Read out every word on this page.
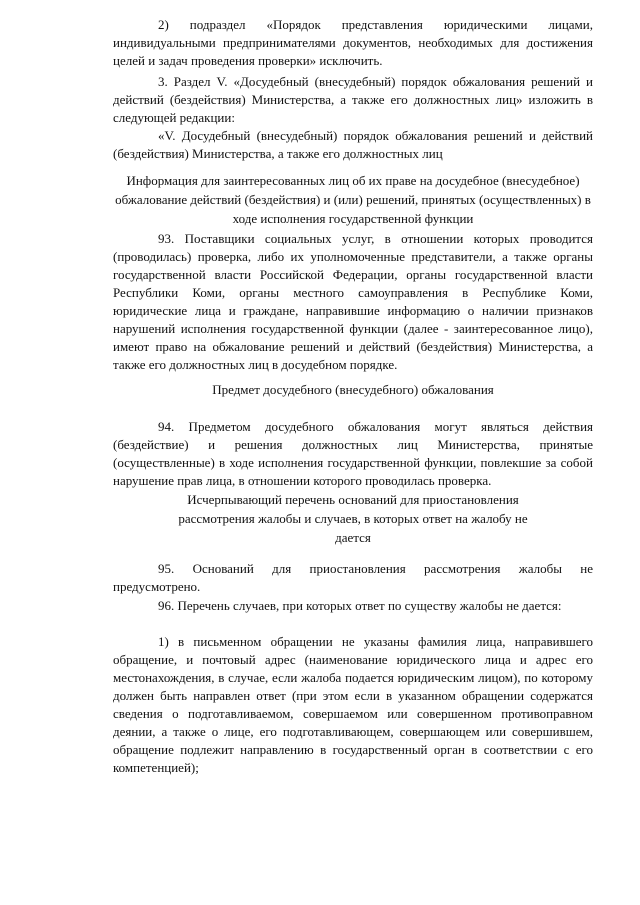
2) подраздел «Порядок представления юридическими лицами, индивидуальными предпринимателями документов, необходимых для достижения целей и задач проведения проверки» исключить.

3. Раздел V. «Досудебный (внесудебный) порядок обжалования решений и действий (бездействия) Министерства, а также его должностных лиц» изложить в следующей редакции:

«V. Досудебный (внесудебный) порядок обжалования решений и действий (бездействия) Министерства, а также его должностных лиц

Информация для заинтересованных лиц об их праве на досудебное (внесудебное) обжалование действий (бездействия) и (или) решений, принятых (осуществленных) в ходе исполнения государственной функции

93. Поставщики социальных услуг, в отношении которых проводится (проводилась) проверка, либо их уполномоченные представители, а также органы государственной власти Российской Федерации, органы государственной власти Республики Коми, органы местного самоуправления в Республике Коми, юридические лица и граждане, направившие информацию о наличии признаков нарушений исполнения государственной функции (далее - заинтересованное лицо), имеют право на обжалование решений и действий (бездействия) Министерства, а также его должностных лиц в досудебном порядке.

Предмет досудебного (внесудебного) обжалования

94. Предметом досудебного обжалования могут являться действия (бездействие) и решения должностных лиц Министерства, принятые (осуществленные) в ходе исполнения государственной функции, повлекшие за собой нарушение прав лица, в отношении которого проводилась проверка.

Исчерпывающий перечень оснований для приостановления рассмотрения жалобы и случаев, в которых ответ на жалобу не дается

95. Оснований для приостановления рассмотрения жалобы не предусмотрено.

96. Перечень случаев, при которых ответ по существу жалобы не дается:

1) в письменном обращении не указаны фамилия лица, направившего обращение, и почтовый адрес (наименование юридического лица и адрес его местонахождения, в случае, если жалоба подается юридическим лицом), по которому должен быть направлен ответ (при этом если в указанном обращении содержатся сведения о подготавливаемом, совершаемом или совершенном противоправном деянии, а также о лице, его подготавливающем, совершающем или совершившем, обращение подлежит направлению в государственный орган в соответствии с его компетенцией);
